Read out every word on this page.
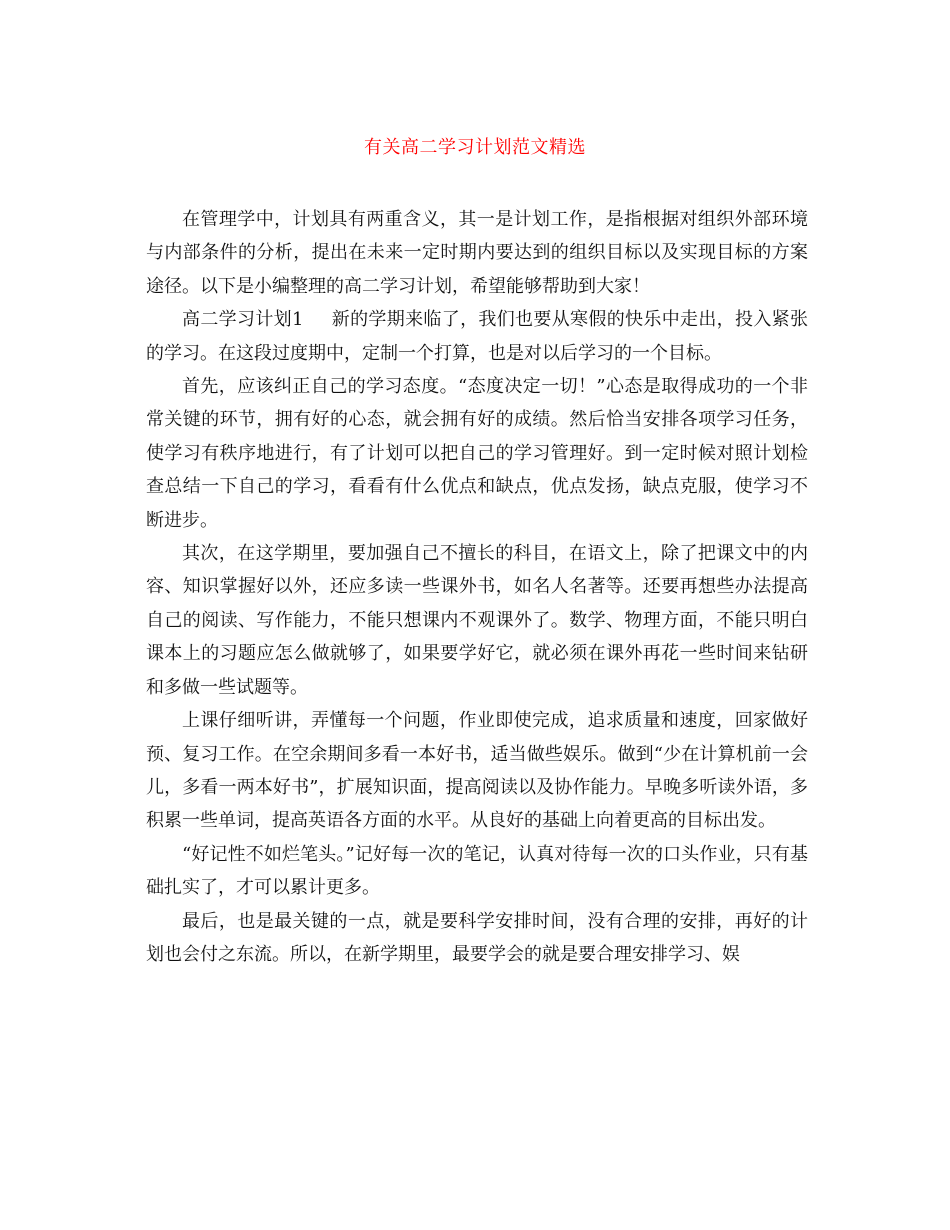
有关高二学习计划范文精选

在管理学中，计划具有两重含义，其一是计划工作，是指根据对组织外部环境与内部条件的分析，提出在未来一定时期内要达到的组织目标以及实现目标的方案途径。以下是小编整理的高二学习计划，希望能够帮助到大家！

高二学习计划1 新的学期来临了，我们也要从寒假的快乐中走出，投入紧张的学习。在这段过度期中，定制一个打算，也是对以后学习的一个目标。

首先，应该纠正自己的学习态度。“态度决定一切！”心态是取得成功的一个非常关键的环节，拥有好的心态，就会拥有好的成绩。然后恰当安排各项学习任务，使学习有秩序地进行，有了计划可以把自己的学习管理好。到一定时候对照计划检查总结一下自己的学习，看看有什么优点和缺点，优点发扬，缺点克服，使学习不断进步。

其次，在这学期里，要加强自己不擅长的科目，在语文上，除了把课文中的内容、知识掌握好以外，还应多读一些课外书，如名人名著等。还要再想些办法提高自己的阅读、写作能力，不能只想课内不观课外了。数学、物理方面，不能只明白课本上的习题应怎么做就够了，如果要学好它，就必须在课外再花一些时间来钻研和多做一些试题等。

上课仔细听讲，弄懂每一个问题，作业即使完成，追求质量和速度，回家做好预、复习工作。在空余期间多看一本好书，适当做些娱乐。做到“少在计算机前一会儿，多看一两本好书”，扩展知识面，提高阅读以及协作能力。早晚多听读外语，多积累一些单词，提高英语各方面的水平。从良好的基础上向着更高的目标出发。

“好记性不如烂笔头。”记好每一次的笔记，认真对待每一次的口头作业，只有基础扎实了，才可以累计更多。

最后，也是最关键的一点，就是要科学安排时间，没有合理的安排，再好的计划也会付之东流。所以，在新学期里，最要学会的就是要合理安排学习、娱
